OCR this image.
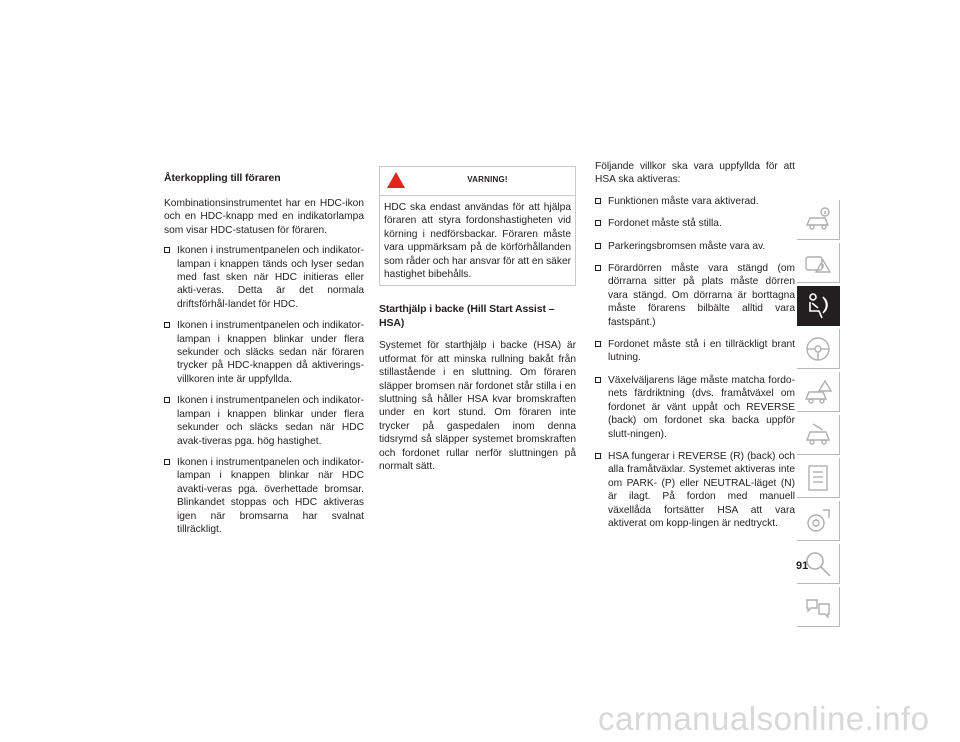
Återkoppling till föraren
Kombinationsinstrumentet har en HDC-ikon och en HDC-knapp med en indikatorlampa som visar HDC-statusen för föraren.
Ikonen i instrumentpanelen och indikator-lampan i knappen tänds och lyser sedan med fast sken när HDC initieras eller akti-veras. Detta är det normala driftsförhål-landet för HDC.
Ikonen i instrumentpanelen och indikator-lampan i knappen blinkar under flera sekunder och släcks sedan när föraren trycker på HDC-knappen då aktiverings-villkoren inte är uppfyllda.
Ikonen i instrumentpanelen och indikator-lampan i knappen blinkar under flera sekunder och släcks sedan när HDC avak-tiveras pga. hög hastighet.
Ikonen i instrumentpanelen och indikator-lampan i knappen blinkar när HDC avakti-veras pga. överhettade bromsar. Blinkandet stoppas och HDC aktiveras igen när bromsarna har svalnat tillräckligt.
VARNING!
HDC ska endast användas för att hjälpa föraren att styra fordonshastigheten vid körning i nedförsbackar. Föraren måste vara uppmärksam på de körförhållanden som råder och har ansvar för att en säker hastighet bibehålls.
Starthjälp i backe (Hill Start Assist – HSA)
Systemet för starthjälp i backe (HSA) är utformat för att minska rullning bakåt från stillastående i en sluttning. Om föraren släpper bromsen när fordonet står stilla i en sluttning så håller HSA kvar bromskraften under en kort stund. Om föraren inte trycker på gaspedalen inom denna tidsrymd så släpper systemet bromskraften och fordonet rullar nerför sluttningen på normalt sätt.
Följande villkor ska vara uppfyllda för att HSA ska aktiveras:
Funktionen måste vara aktiverad.
Fordonet måste stå stilla.
Parkeringsbromsen måste vara av.
Förardörren måste vara stängd (om dörrarna sitter på plats måste dörren vara stängd. Om dörrarna är borttagna måste förarens bilbälte alltid vara fastspänt.)
Fordonet måste stå i en tillräckligt brant lutning.
Växelväljarens läge måste matcha fordo-nets färdriktning (dvs. framåtväxel om fordonet är vänt uppåt och REVERSE (back) om fordonet ska backa uppför slutt-ningen).
HSA fungerar i REVERSE (R) (back) och alla framåtväxlar. Systemet aktiveras inte om PARK- (P) eller NEUTRAL-läget (N) är ilagt. På fordon med manuell växellåda fortsätter HSA att vara aktiverat om kopp-lingen är nedtryckt.
91
carmanualsonline.info
